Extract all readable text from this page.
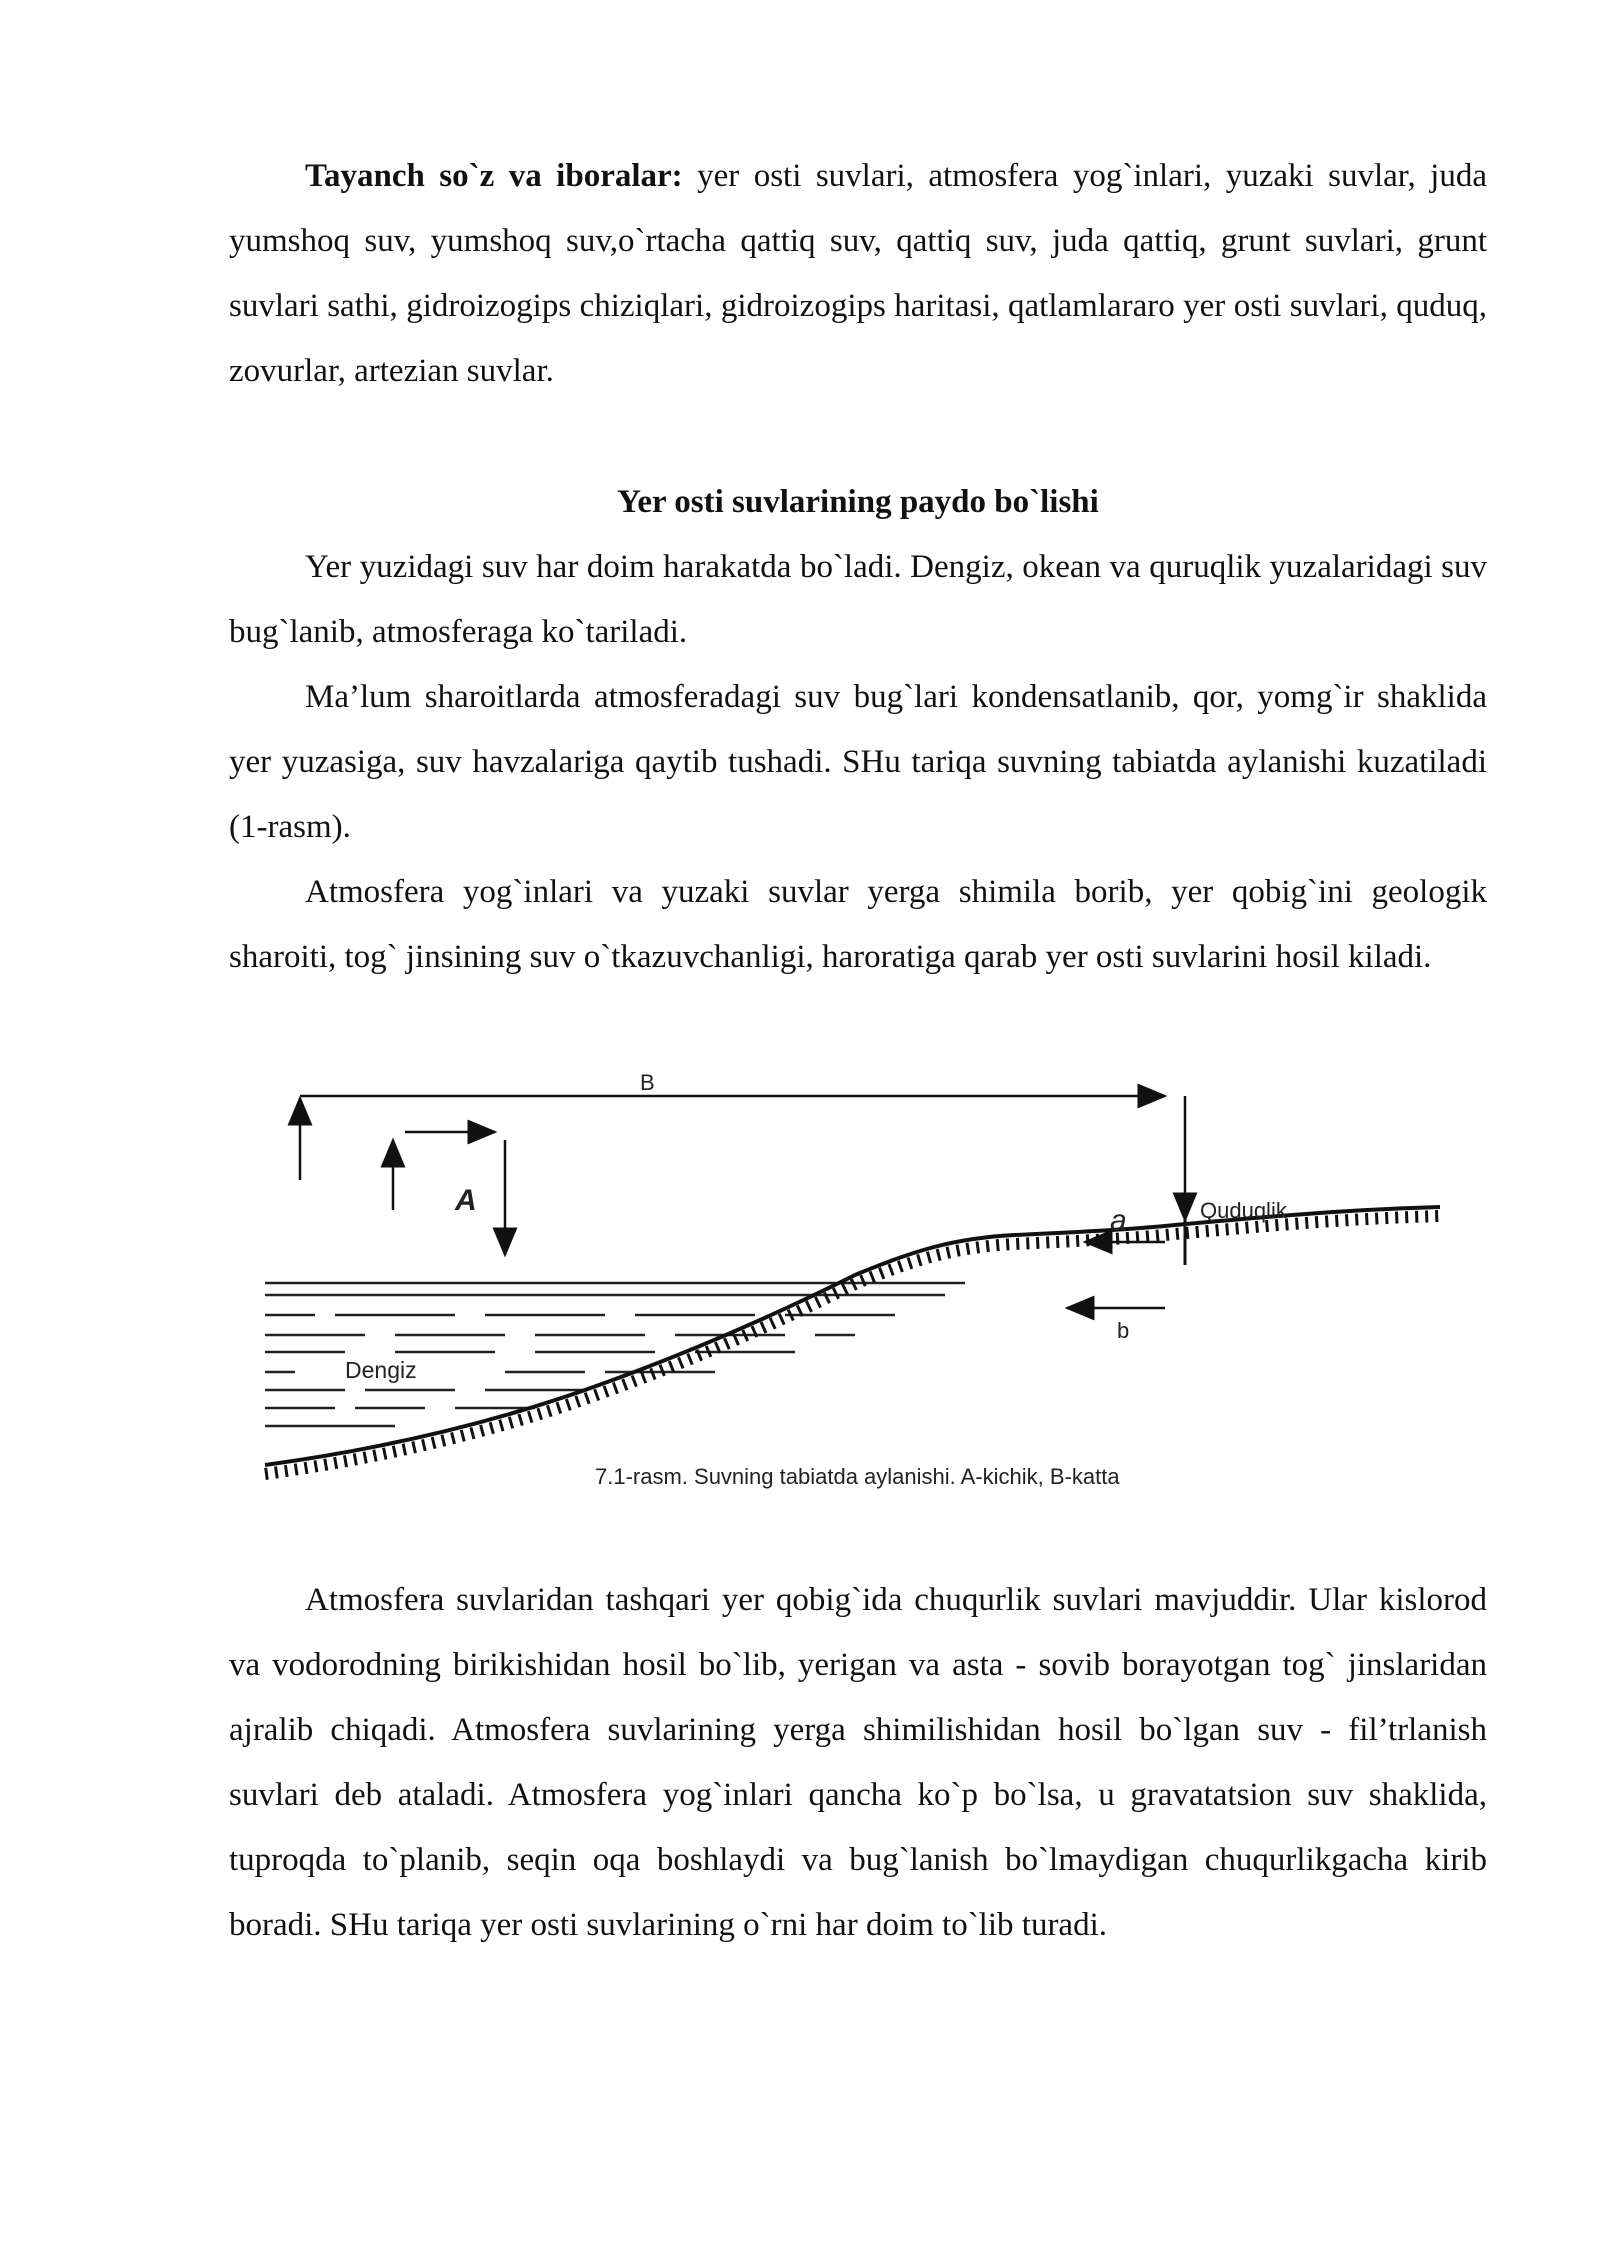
Tayanch so`z va iboralar: yer osti suvlari, atmosfera yog`inlari, yuzaki suvlar, juda yumshoq suv, yumshoq suv,o`rtacha qattiq suv, qattiq suv, juda qattiq, grunt suvlari, grunt suvlari sathi, gidroizogips chiziqlari, gidroizogips haritasi, qatlamlararo yer osti suvlari, quduq, zovurlar, artezian suvlar.

Yer osti suvlarining paydo bo`lishi

Yer yuzidagi suv har doim harakatda bo`ladi. Dengiz, okean va quruqlik yuzalaridagi suv bug`lanib, atmosferaga ko`tariladi.

Ma’lum sharoitlarda atmosferadagi suv bug`lari kondensatlanib, qor, yomg`ir shaklida yer yuzasiga, suv havzalariga qaytib tushadi. SHu tariqa suvning tabiatda aylanishi kuzatiladi (1-rasm).

Atmosfera yog`inlari va yuzaki suvlar yerga shimila borib, yer qobig`ini geologik sharoiti, tog` jinsining suv o`tkazuvchanligi, haroratiga qarab yer osti suvlarini hosil kiladi.

B
A
a
b
Quduqlik
Dengiz
7.1-rasm. Suvning tabiatda aylanishi. A-kichik, B-katta

Atmosfera suvlaridan tashqari yer qobig`ida chuqurlik suvlari mavjuddir. Ular kislorod va vodorodning birikishidan hosil bo`lib, yerigan va asta - sovib borayotgan tog` jinslaridan ajralib chiqadi. Atmosfera suvlarining yerga shimilishidan hosil bo`lgan suv - fil’trlanish suvlari deb ataladi. Atmosfera yog`inlari qancha ko`p bo`lsa, u gravatatsion suv shaklida, tuproqda to`planib, seqin oqa boshlaydi va bug`lanish bo`lmaydigan chuqurlikgacha kirib boradi. SHu tariqa yer osti suvlarining o`rni har doim to`lib turadi.
